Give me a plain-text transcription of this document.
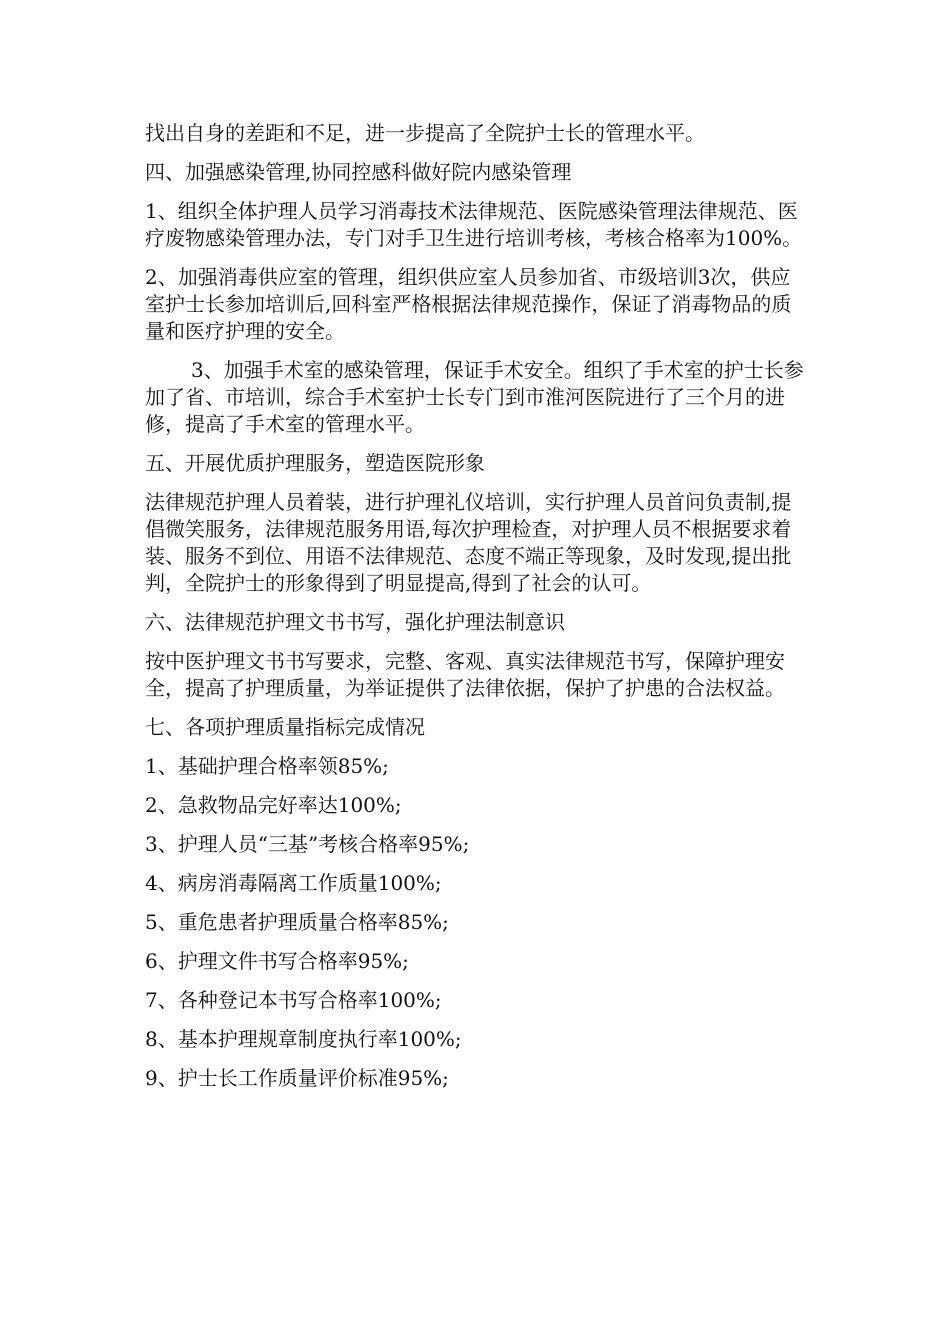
找出自身的差距和不足，进一步提高了全院护士长的管理水平。

四、加强感染管理,协同控感科做好院内感染管理

1、组织全体护理人员学习消毒技术法律规范、医院感染管理法律规范、医疗废物感染管理办法，专门对手卫生进行培训考核，考核合格率为100%。

2、加强消毒供应室的管理，组织供应室人员参加省、市级培训3次，供应室护士长参加培训后,回科室严格根据法律规范操作，保证了消毒物品的质量和医疗护理的安全。

3、加强手术室的感染管理，保证手术安全。组织了手术室的护士长参加了省、市培训，综合手术室护士长专门到市淮河医院进行了三个月的进修，提高了手术室的管理水平。

五、开展优质护理服务，塑造医院形象

法律规范护理人员着装，进行护理礼仪培训，实行护理人员首问负责制,提倡微笑服务，法律规范服务用语,每次护理检查，对护理人员不根据要求着装、服务不到位、用语不法律规范、态度不端正等现象，及时发现,提出批判，全院护士的形象得到了明显提高,得到了社会的认可。

六、法律规范护理文书书写，强化护理法制意识

按中医护理文书书写要求，完整、客观、真实法律规范书写，保障护理安全，提高了护理质量，为举证提供了法律依据，保护了护患的合法权益。

七、各项护理质量指标完成情况

1、基础护理合格率领85%;

2、急救物品完好率达100%;

3、护理人员“三基”考核合格率95%;

4、病房消毒隔离工作质量100%;

5、重危患者护理质量合格率85%;

6、护理文件书写合格率95%;

7、各种登记本书写合格率100%;

8、基本护理规章制度执行率100%;

9、护士长工作质量评价标准95%;
